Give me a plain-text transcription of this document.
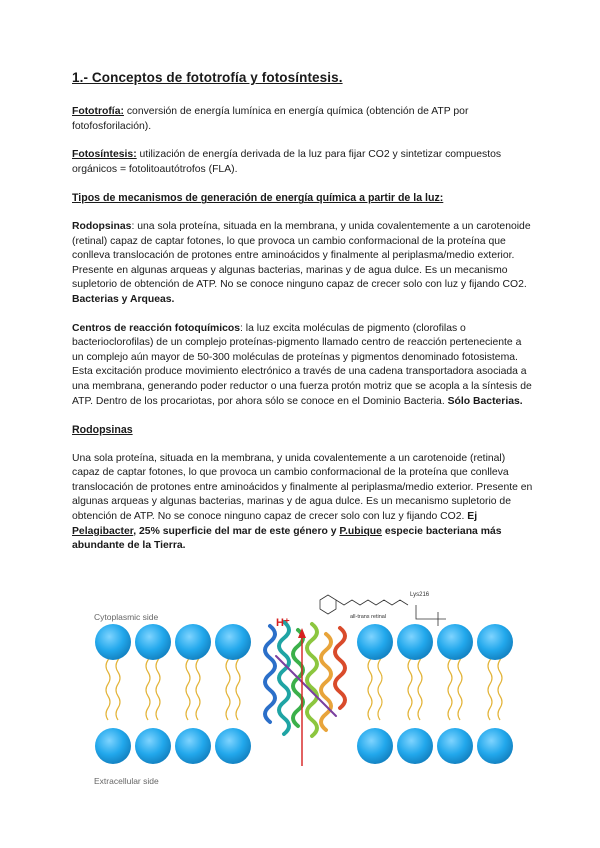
1.- Conceptos de fototrofía y fotosíntesis.

Fototrofía: conversión de energía lumínica en energía química (obtención de ATP por fotofosforilación).

Fotosíntesis: utilización de energía derivada de la luz para fijar CO2 y sintetizar compuestos orgánicos = fotolitoautótrofos (FLA).

Tipos de mecanismos de generación de energía química a partir de la luz:

Rodopsinas: una sola proteína, situada en la membrana, y unida covalentemente a un carotenoide (retinal) capaz de captar fotones, lo que provoca un cambio conformacional de la proteína que conlleva translocación de protones entre aminoácidos y finalmente al periplasma/medio exterior. Presente en algunas arqueas y algunas bacterias, marinas y de agua dulce. Es un mecanismo supletorio de obtención de ATP. No se conoce ninguno capaz de crecer solo con luz y fijando CO2. Bacterias y Arqueas.

Centros de reacción fotoquímicos: la luz excita moléculas de pigmento (clorofilas o bacterioclorofilas) de un complejo proteínas-pigmento llamado centro de reacción perteneciente a un complejo aún mayor de 50-300 moléculas de proteínas y pigmentos denominado fotosistema. Esta excitación produce movimiento electrónico a través de una cadena transportadora asociada a una membrana, generando poder reductor o una fuerza protón motriz que se acopla a la síntesis de ATP. Dentro de los procariotas, por ahora sólo se conoce en el Dominio Bacteria. Sólo Bacterias.

Rodopsinas

Una sola proteína, situada en la membrana, y unida covalentemente a un carotenoide (retinal) capaz de captar fotones, lo que provoca un cambio conformacional de la proteína que conlleva translocación de protones entre aminoácidos y finalmente al periplasma/medio exterior. Presente en algunas arqueas y algunas bacterias, marinas y de agua dulce. Es un mecanismo supletorio de obtención de ATP. No se conoce ninguno capaz de crecer solo con luz y fijando CO2. Ej Pelagibacter, 25% superficie del mar de este género y P.ubique especie bacteriana más abundante de la Tierra.

Cytoplasmic side
Extracellular side
H⁺
Lys216
all-trans retinal
